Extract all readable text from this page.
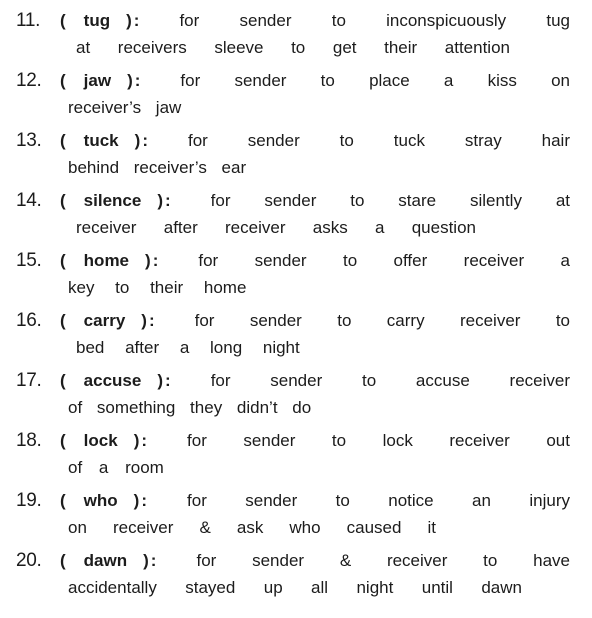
11. (	tug ) : for sender to inconspicuously tug
at receivers sleeve to get their attention
12. (	jaw ) : for sender to place a kiss on
receiver’s jaw
13. (	tuck ) : for sender to tuck stray hair
behind receiver’s ear
14. (	silence ) : for sender to stare silently at
receiver after receiver asks a question
15. (	home ) : for sender to offer receiver a
key to their home
16. (	carry ) : for sender to carry receiver to
bed after a long night
17. (	accuse ) : for sender to accuse receiver
of something they didn’t do
18. (	lock ) : for sender to lock receiver out
of a room
19. (	who ) : for sender to notice an injury
on receiver & ask who caused it
20. (	dawn ) : for sender & receiver to have
accidentally stayed up all night until dawn
